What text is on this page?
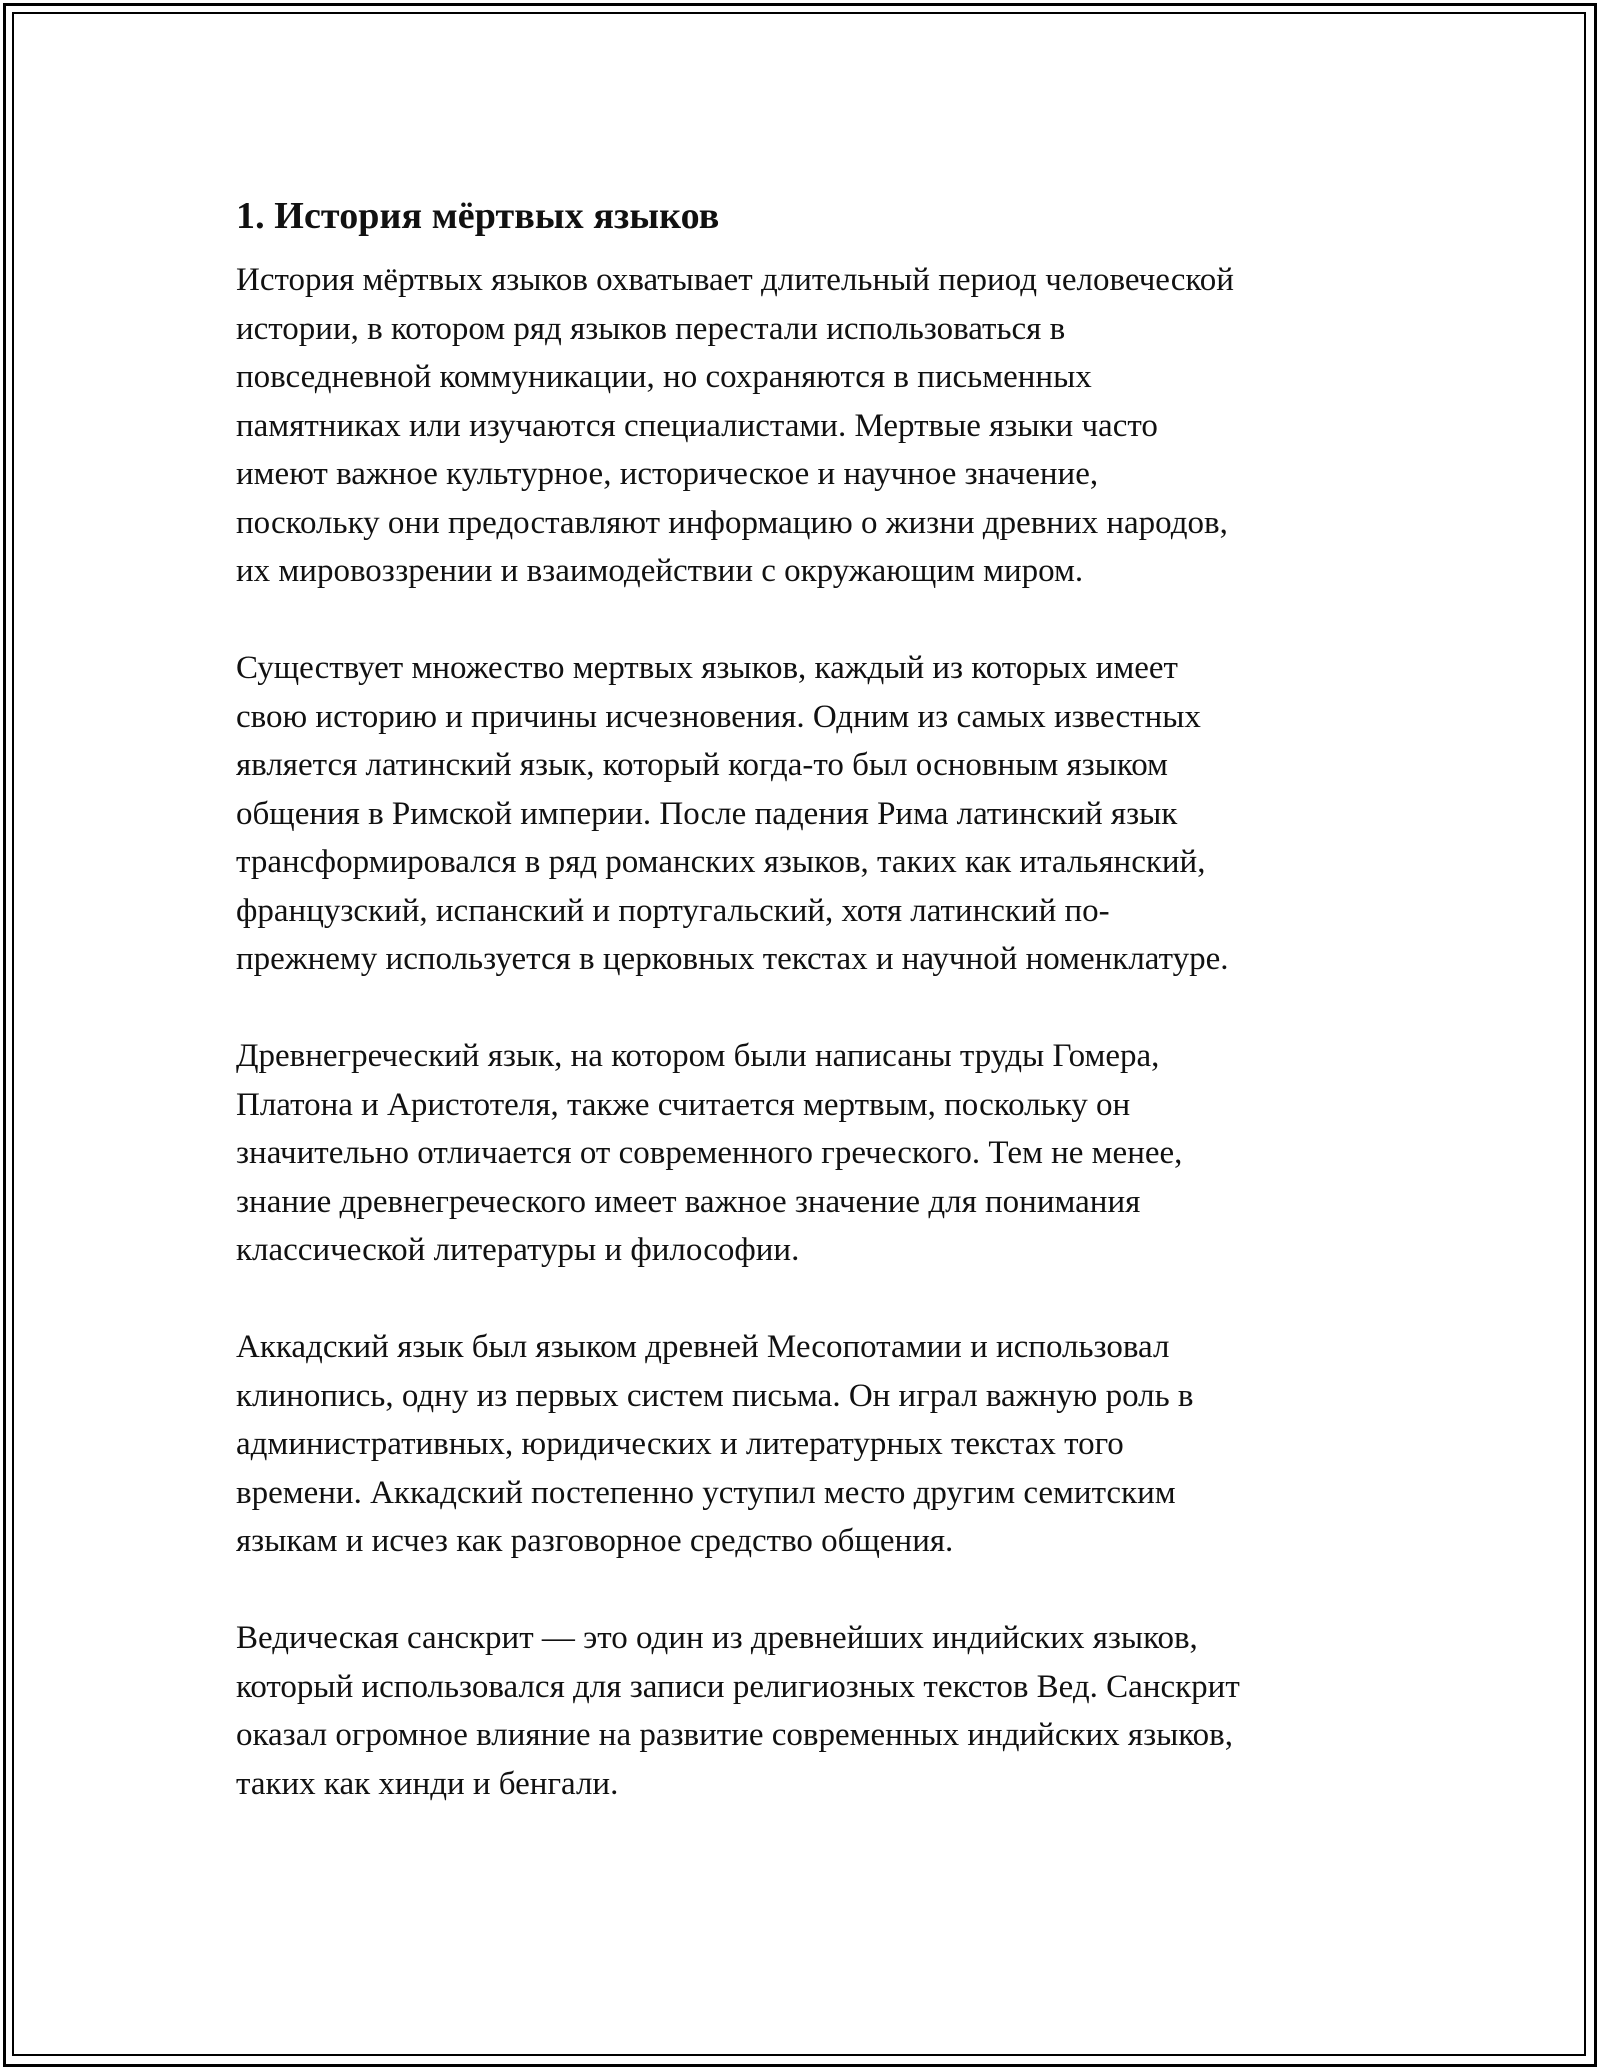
1. История мёртвых языков

История мёртвых языков охватывает длительный период человеческой
истории, в котором ряд языков перестали использоваться в
повседневной коммуникации, но сохраняются в письменных
памятниках или изучаются специалистами. Мертвые языки часто
имеют важное культурное, историческое и научное значение,
поскольку они предоставляют информацию о жизни древних народов,
их мировоззрении и взаимодействии с окружающим миром.

Существует множество мертвых языков, каждый из которых имеет
свою историю и причины исчезновения. Одним из самых известных
является латинский язык, который когда-то был основным языком
общения в Римской империи. После падения Рима латинский язык
трансформировался в ряд романских языков, таких как итальянский,
французский, испанский и португальский, хотя латинский по-
прежнему используется в церковных текстах и научной номенклатуре.

Древнегреческий язык, на котором были написаны труды Гомера,
Платона и Аристотеля, также считается мертвым, поскольку он
значительно отличается от современного греческого. Тем не менее,
знание древнегреческого имеет важное значение для понимания
классической литературы и философии.

Аккадский язык был языком древней Месопотамии и использовал
клинопись, одну из первых систем письма. Он играл важную роль в
административных, юридических и литературных текстах того
времени. Аккадский постепенно уступил место другим семитским
языкам и исчез как разговорное средство общения.

Ведическая санскрит — это один из древнейших индийских языков,
который использовался для записи религиозных текстов Вед. Санскрит
оказал огромное влияние на развитие современных индийских языков,
таких как хинди и бенгали.
